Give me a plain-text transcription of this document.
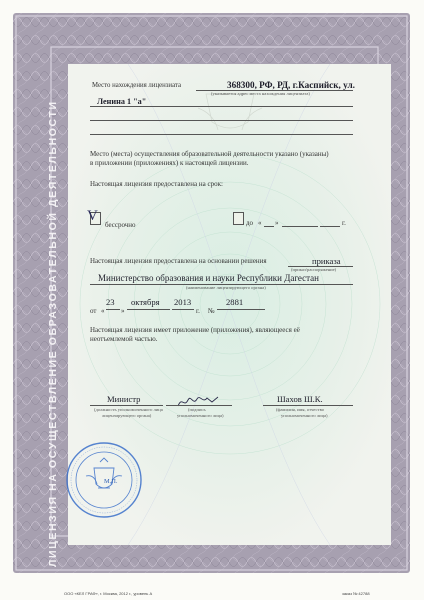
ЛИЦЕНЗИЯ НА ОСУЩЕСТВЛЕНИЕ ОБРАЗОВАТЕЛЬНОЙ ДЕЯТЕЛЬНОСТИ
Место нахождения лицензиата	368300, РФ, РД, г.Каспийск, ул.
(указывается адрес места нахождения лицензиата)
Ленина 1 "а"
Место (места) осуществления образовательной деятельности указано (указаны)
в приложении (приложениях) к настоящей лицензии.
Настоящая лицензия предоставлена на срок:
V
бессрочно	до « »	г.
Настоящая лицензия предоставлена на основании решения	приказа
(приказ/распоряжение)
Министерство образования и науки Республики Дагестан
(наименование лицензирующего органа)
от «
23
»
октября 2013
г. №
2881
Настоящая лицензия имеет приложение (приложения), являющееся её
неотъемлемой частью.
Министр
(должность уполномоченного лица
лицензирующего органа)
(подпись
уполномоченного лица)
Шахов Ш.К.
(фамилия, имя, отчество
уполномоченного лица)
М.П.
ООО «КЕЛ ГРАФ», г. Москва, 2012 г., уровень А	заказ № 42788
